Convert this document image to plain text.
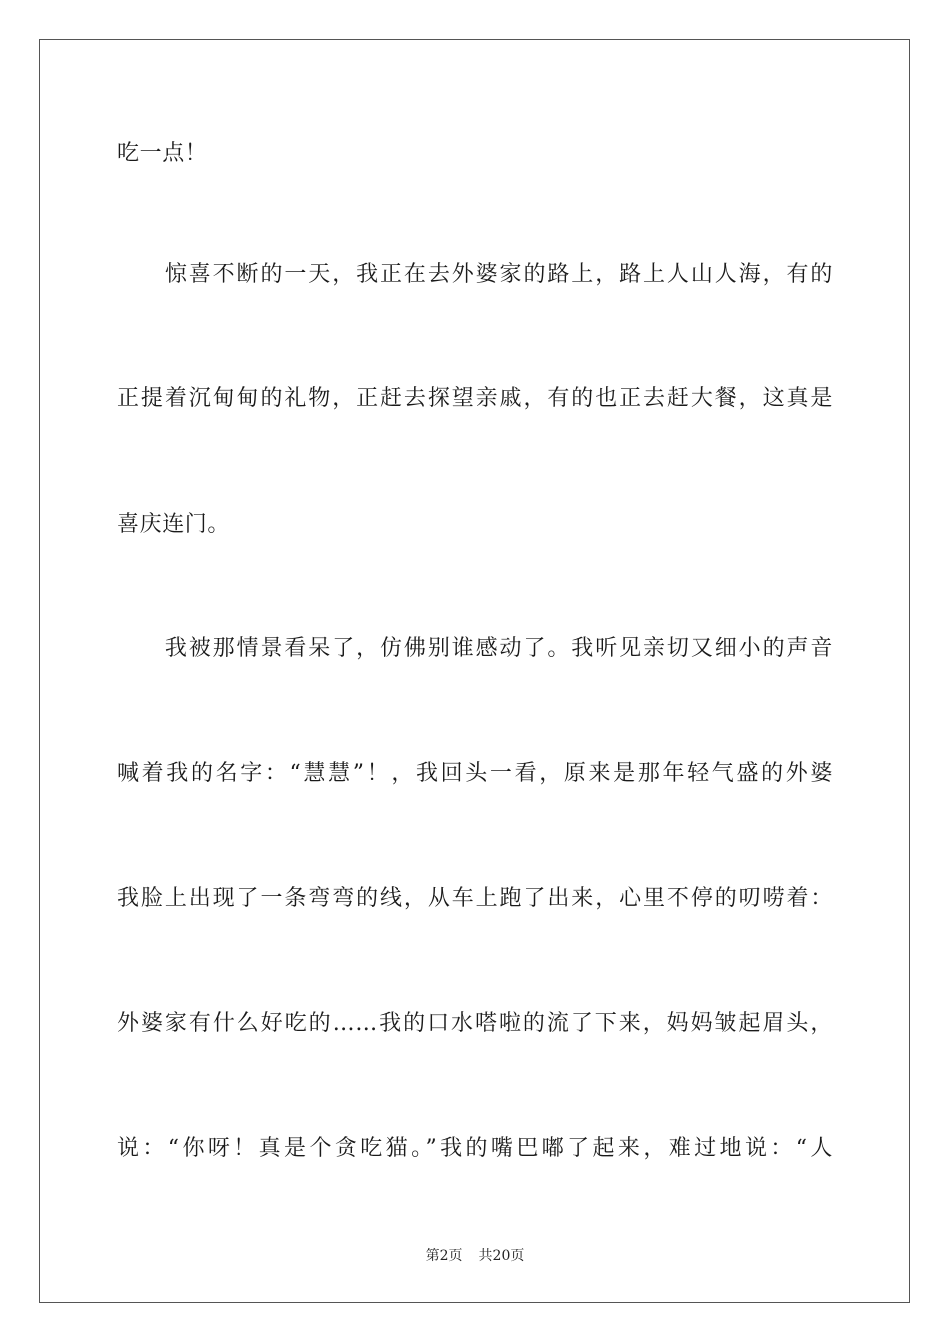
吃一点！
　　惊喜不断的一天，我正在去外婆家的路上，路上人山人海，有的
正提着沉甸甸的礼物，正赶去探望亲戚，有的也正去赶大餐，这真是
喜庆连门。
　　我被那情景看呆了，仿佛别谁感动了。我听见亲切又细小的声音
喊着我的名字：“慧慧”！，我回头一看，原来是那年轻气盛的外婆
我脸上出现了一条弯弯的线，从车上跑了出来，心里不停的叨唠着：
外婆家有什么好吃的……我的口水嗒啦的流了下来，妈妈皱起眉头，
说：“你呀！真是个贪吃猫。”我的嘴巴嘟了起来，难过地说：“人
第2页 共20页
